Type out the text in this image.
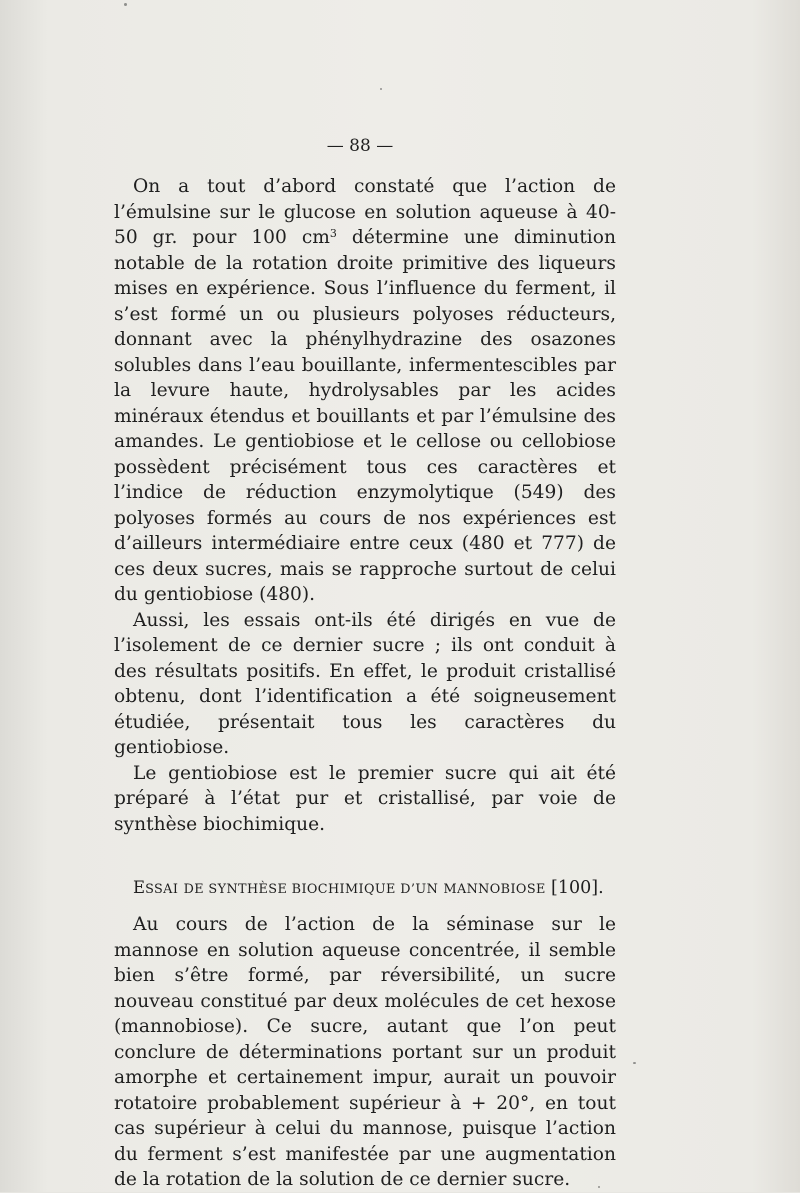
— 88 —

On a tout d’abord constaté que l’action de l’émulsine sur le glucose en solution aqueuse à 40-50 gr. pour 100 $cm^3$ détermine une diminution notable de la rotation droite primitive des liqueurs mises en expérience. Sous l’influence du ferment, il s’est formé un ou plusieurs polyoses réducteurs, donnant avec la phénylhydrazine des osazones solubles dans l’eau bouillante, infermentescibles par la levure haute, hydrolysables par les acides minéraux étendus et bouillants et par l’émulsine des amandes. Le gentiobiose et le cellose ou cellobiose possèdent précisément tous ces caractères et l’indice de réduction enzymolytique (549) des polyoses formés au cours de nos expériences est d’ailleurs intermédiaire entre ceux (480 et 777) de ces deux sucres, mais se rapproche surtout de celui du gentiobiose (480).

Aussi, les essais ont-ils été dirigés en vue de l’isolement de ce dernier sucre ; ils ont conduit à des résultats positifs. En effet, le produit cristallisé obtenu, dont l’identification a été soigneusement étudiée, présentait tous les caractères du gentiobiose.

Le gentiobiose est le premier sucre qui ait été préparé à l’état pur et cristallisé, par voie de synthèse biochimique.

ESSAI DE SYNTHÈSE BIOCHIMIQUE D’UN MANNOBIOSE [100].

Au cours de l’action de la séminase sur le mannose en solution aqueuse concentrée, il semble bien s’être formé, par réversibilité, un sucre nouveau constitué par deux molécules de cet hexose (mannobiose). Ce sucre, autant que l’on peut conclure de déterminations portant sur un produit amorphe et certainement impur, aurait un pouvoir rotatoire probablement supérieur à + 20°, en tout cas supérieur à celui du mannose, puisque l’action du ferment s’est manifestée par une augmentation de la rotation de la solution de ce dernier sucre.
